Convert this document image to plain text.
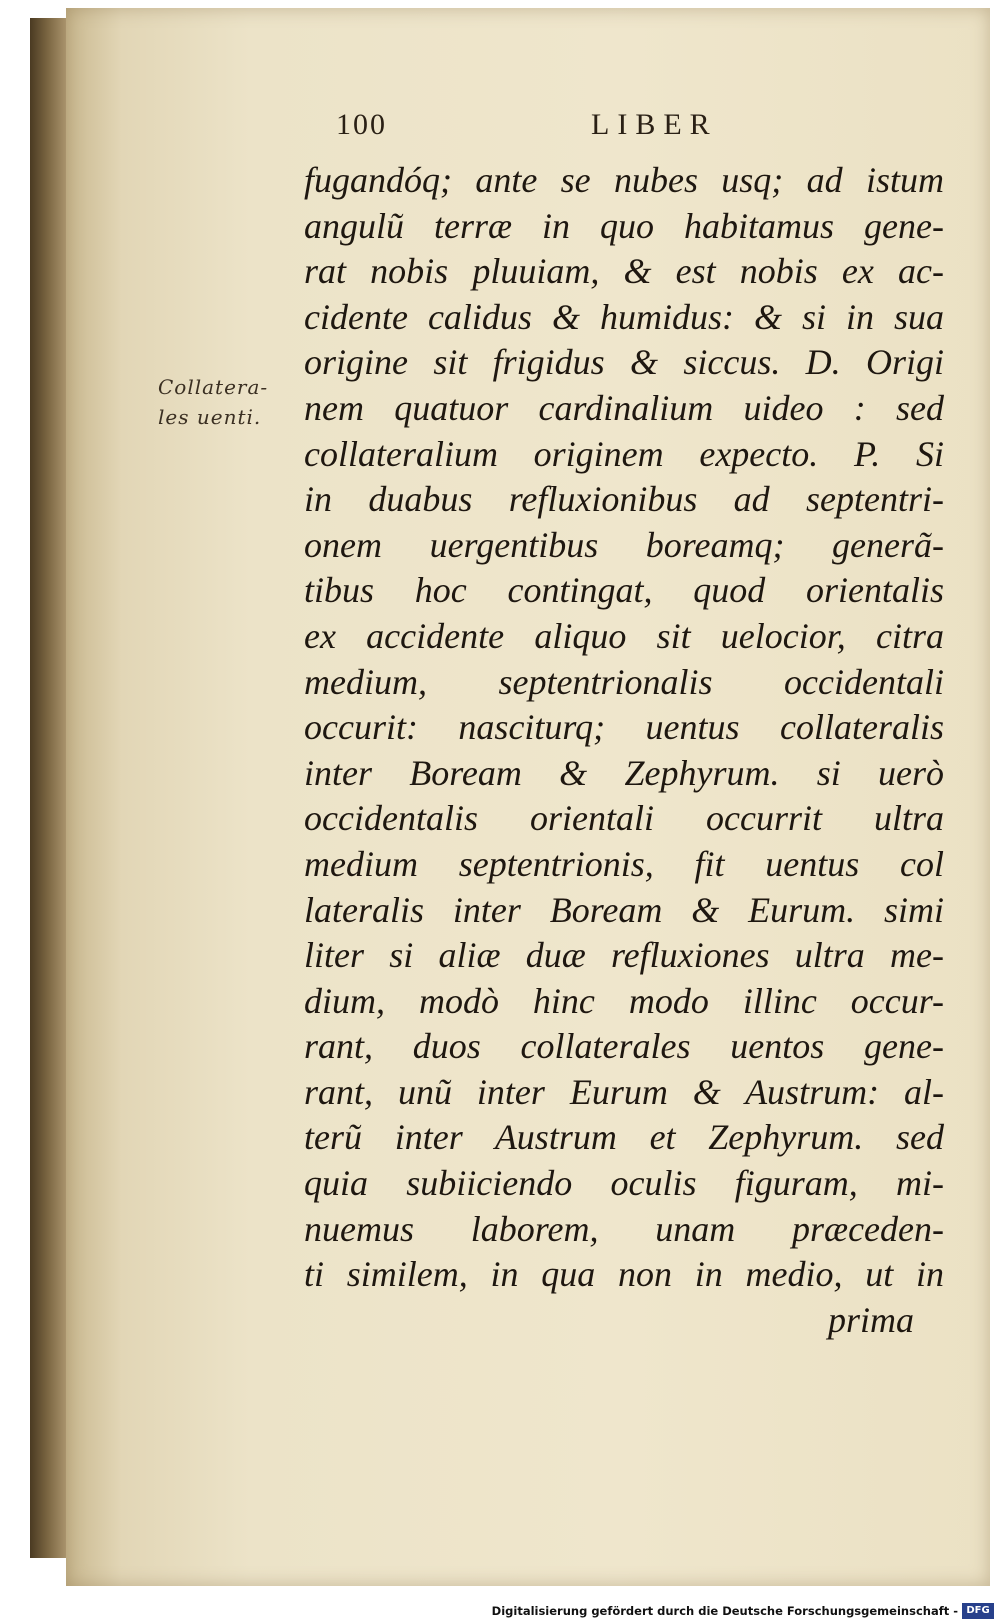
100	LIBER
Collatera-
les uenti.
fugandóq; ante se nubes usq; ad istum
angulũ terræ in quo habitamus gene-
rat nobis pluuiam, & est nobis ex ac-
cidente calidus & humidus: & si in sua
origine sit frigidus & siccus. D. Origi
nem quatuor cardinalium uideo : sed
collateralium originem expecto. P. Si
in duabus refluxionibus ad septentri-
onem uergentibus boreamq; generã-
tibus hoc contingat, quod orientalis
ex accidente aliquo sit uelocior, citra
medium, septentrionalis occidentali
occurit: nasciturq; uentus collateralis
inter Boream & Zephyrum. si uerò
occidentalis orientali occurrit ultra
medium septentrionis, fit uentus col
lateralis inter Boream & Eurum. simi
liter si aliæ duæ refluxiones ultra me-
dium, modò hinc modo illinc occur-
rant, duos collaterales uentos gene-
rant, unũ inter Eurum & Austrum: al-
terũ inter Austrum et Zephyrum. sed
quia subiiciendo oculis figuram, mi-
nuemus laborem, unam præceden-
ti similem, in qua non in medio, ut in
prima
Digitalisierung gefördert durch die Deutsche Forschungsgemeinschaft - DFG
